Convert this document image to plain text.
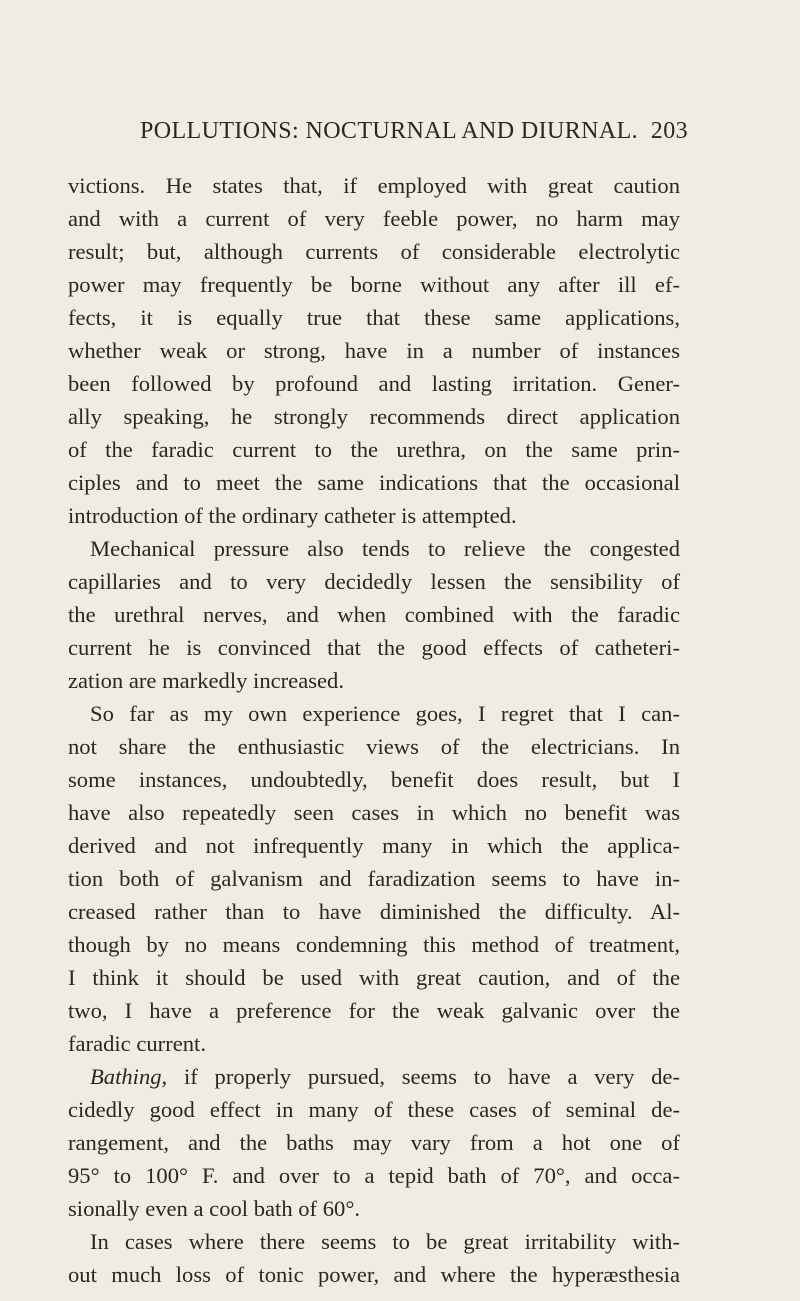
POLLUTIONS: NOCTURNAL AND DIURNAL. 203
victions. He states that, if employed with great caution
and with a current of very feeble power, no harm may
result; but, although currents of considerable electrolytic
power may frequently be borne without any after ill ef-
fects, it is equally true that these same applications,
whether weak or strong, have in a number of instances
been followed by profound and lasting irritation. Gener-
ally speaking, he strongly recommends direct application
of the faradic current to the urethra, on the same prin-
ciples and to meet the same indications that the occasional
introduction of the ordinary catheter is attempted.
Mechanical pressure also tends to relieve the congested
capillaries and to very decidedly lessen the sensibility of
the urethral nerves, and when combined with the faradic
current he is convinced that the good effects of catheteri-
zation are markedly increased.
So far as my own experience goes, I regret that I can-
not share the enthusiastic views of the electricians. In
some instances, undoubtedly, benefit does result, but I
have also repeatedly seen cases in which no benefit was
derived and not infrequently many in which the applica-
tion both of galvanism and faradization seems to have in-
creased rather than to have diminished the difficulty. Al-
though by no means condemning this method of treatment,
I think it should be used with great caution, and of the
two, I have a preference for the weak galvanic over the
faradic current.
Bathing, if properly pursued, seems to have a very de-
cidedly good effect in many of these cases of seminal de-
rangement, and the baths may vary from a hot one of
95° to 100° F. and over to a tepid bath of 70°, and occa-
sionally even a cool bath of 60°.
In cases where there seems to be great irritability with-
out much loss of tonic power, and where the hyperæsthesia
